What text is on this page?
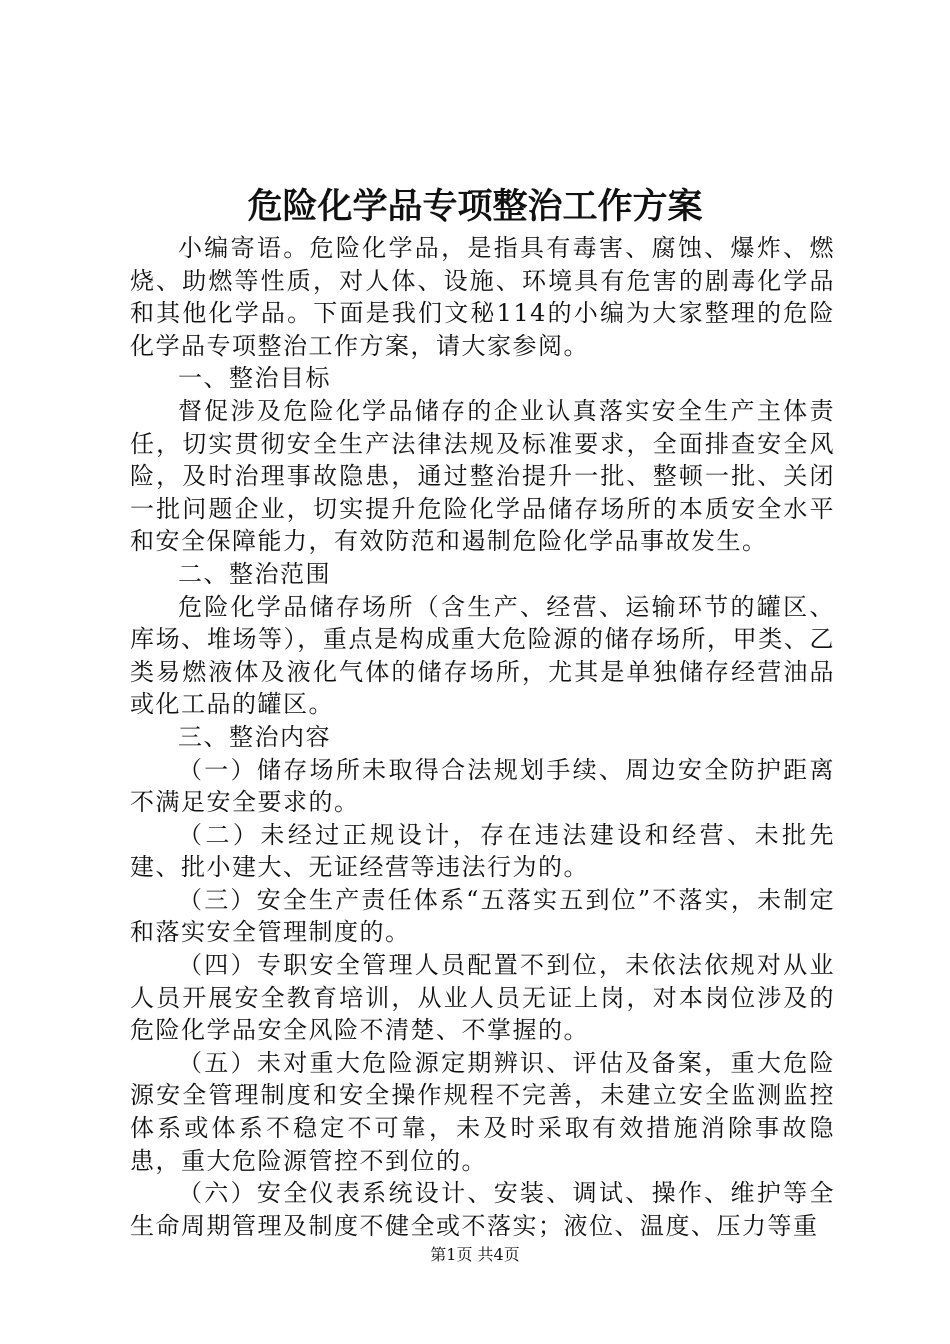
危险化学品专项整治工作方案

小编寄语。危险化学品，是指具有毒害、腐蚀、爆炸、燃烧、助燃等性质，对人体、设施、环境具有危害的剧毒化学品和其他化学品。下面是我们文秘114的小编为大家整理的危险化学品专项整治工作方案，请大家参阅。

一、整治目标

督促涉及危险化学品储存的企业认真落实安全生产主体责任，切实贯彻安全生产法律法规及标准要求，全面排查安全风险，及时治理事故隐患，通过整治提升一批、整顿一批、关闭一批问题企业，切实提升危险化学品储存场所的本质安全水平和安全保障能力，有效防范和遏制危险化学品事故发生。

二、整治范围

危险化学品储存场所（含生产、经营、运输环节的罐区、库场、堆场等），重点是构成重大危险源的储存场所，甲类、乙类易燃液体及液化气体的储存场所，尤其是单独储存经营油品或化工品的罐区。

三、整治内容

（一）储存场所未取得合法规划手续、周边安全防护距离不满足安全要求的。

（二）未经过正规设计，存在违法建设和经营、未批先建、批小建大、无证经营等违法行为的。

（三）安全生产责任体系“五落实五到位”不落实，未制定和落实安全管理制度的。

（四）专职安全管理人员配置不到位，未依法依规对从业人员开展安全教育培训，从业人员无证上岗，对本岗位涉及的危险化学品安全风险不清楚、不掌握的。

（五）未对重大危险源定期辨识、评估及备案，重大危险源安全管理制度和安全操作规程不完善，未建立安全监测监控体系或体系不稳定不可靠，未及时采取有效措施消除事故隐患，重大危险源管控不到位的。

（六）安全仪表系统设计、安装、调试、操作、维护等全生命周期管理及制度不健全或不落实；液位、温度、压力等重

第1页 共4页
